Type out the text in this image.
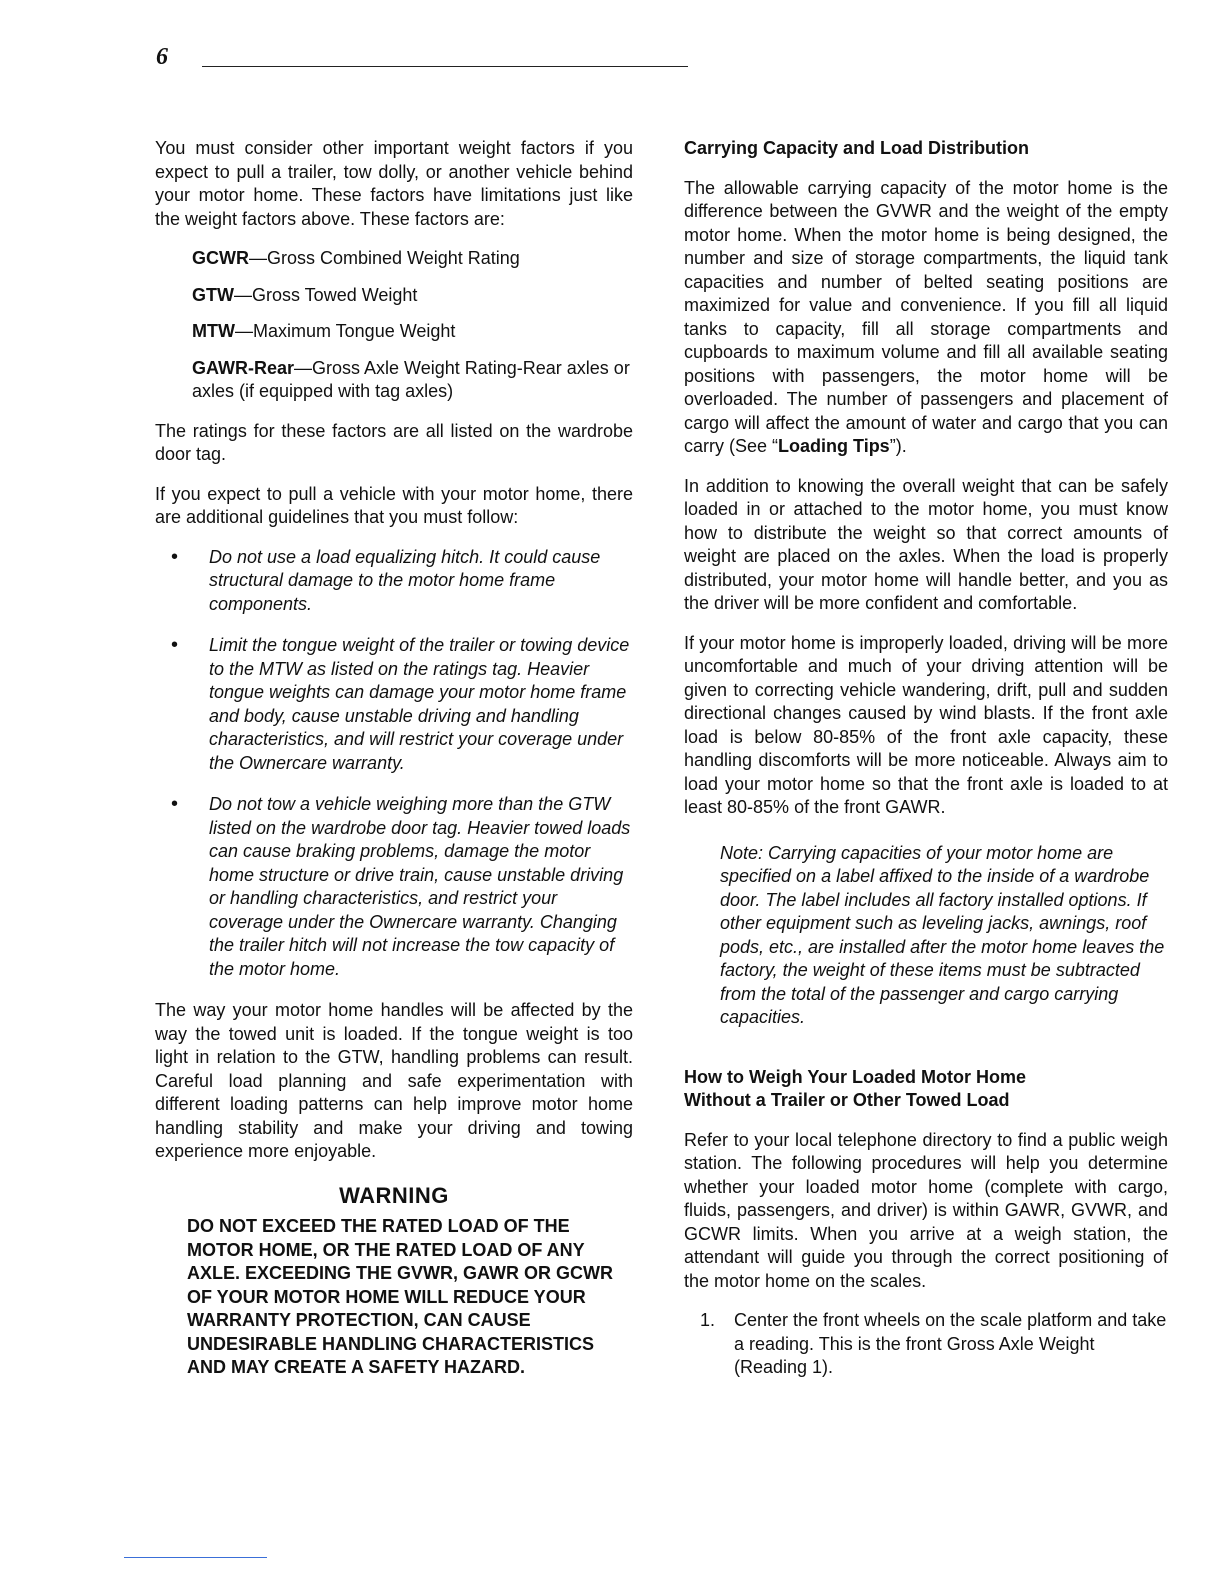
6

You must consider other important weight factors if you expect to pull a trailer, tow dolly, or another vehicle behind your motor home. These factors have limitations just like the weight factors above. These factors are:

GCWR—Gross Combined Weight Rating
GTW—Gross Towed Weight
MTW—Maximum Tongue Weight
GAWR-Rear—Gross Axle Weight Rating-Rear axles or axles (if equipped with tag axles)

The ratings for these factors are all listed on the wardrobe door tag.

If you expect to pull a vehicle with your motor home, there are additional guidelines that you must follow:

• Do not use a load equalizing hitch. It could cause structural damage to the motor home frame components.
• Limit the tongue weight of the trailer or towing device to the MTW as listed on the ratings tag. Heavier tongue weights can damage your motor home frame and body, cause unstable driving and handling characteristics, and will restrict your coverage under the Ownercare warranty.
• Do not tow a vehicle weighing more than the GTW listed on the wardrobe door tag. Heavier towed loads can cause braking problems, damage the motor home structure or drive train, cause unstable driving or handling characteristics, and restrict your coverage under the Ownercare warranty. Changing the trailer hitch will not increase the tow capacity of the motor home.

The way your motor home handles will be affected by the way the towed unit is loaded. If the tongue weight is too light in relation to the GTW, handling problems can result. Careful load planning and safe experimentation with different loading patterns can help improve motor home handling stability and make your driving and towing experience more enjoyable.

WARNING
DO NOT EXCEED THE RATED LOAD OF THE MOTOR HOME, OR THE RATED LOAD OF ANY AXLE. EXCEEDING THE GVWR, GAWR OR GCWR OF YOUR MOTOR HOME WILL REDUCE YOUR WARRANTY PROTECTION, CAN CAUSE UNDESIRABLE HANDLING CHARACTERISTICS AND MAY CREATE A SAFETY HAZARD.
Carrying Capacity and Load Distribution

The allowable carrying capacity of the motor home is the difference between the GVWR and the weight of the empty motor home. When the motor home is being designed, the number and size of storage compartments, the liquid tank capacities and number of belted seating positions are maximized for value and convenience. If you fill all liquid tanks to capacity, fill all storage compartments and cupboards to maximum volume and fill all available seating positions with passengers, the motor home will be overloaded. The number of passengers and placement of cargo will affect the amount of water and cargo that you can carry (See “Loading Tips”).

In addition to knowing the overall weight that can be safely loaded in or attached to the motor home, you must know how to distribute the weight so that correct amounts of weight are placed on the axles. When the load is properly distributed, your motor home will handle better, and you as the driver will be more confident and comfortable.

If your motor home is improperly loaded, driving will be more uncomfortable and much of your driving attention will be given to correcting vehicle wandering, drift, pull and sudden directional changes caused by wind blasts. If the front axle load is below 80-85% of the front axle capacity, these handling discomforts will be more noticeable. Always aim to load your motor home so that the front axle is loaded to at least 80-85% of the front GAWR.

Note: Carrying capacities of your motor home are specified on a label affixed to the inside of a wardrobe door. The label includes all factory installed options. If other equipment such as leveling jacks, awnings, roof pods, etc., are installed after the motor home leaves the factory, the weight of these items must be subtracted from the total of the passenger and cargo carrying capacities.
How to Weigh Your Loaded Motor Home
Without a Trailer or Other Towed Load

Refer to your local telephone directory to find a public weigh station. The following procedures will help you determine whether your loaded motor home (complete with cargo, fluids, passengers, and driver) is within GAWR, GVWR, and GCWR limits. When you arrive at a weigh station, the attendant will guide you through the correct positioning of the motor home on the scales.

1. Center the front wheels on the scale platform and take a reading. This is the front Gross Axle Weight (Reading 1).
